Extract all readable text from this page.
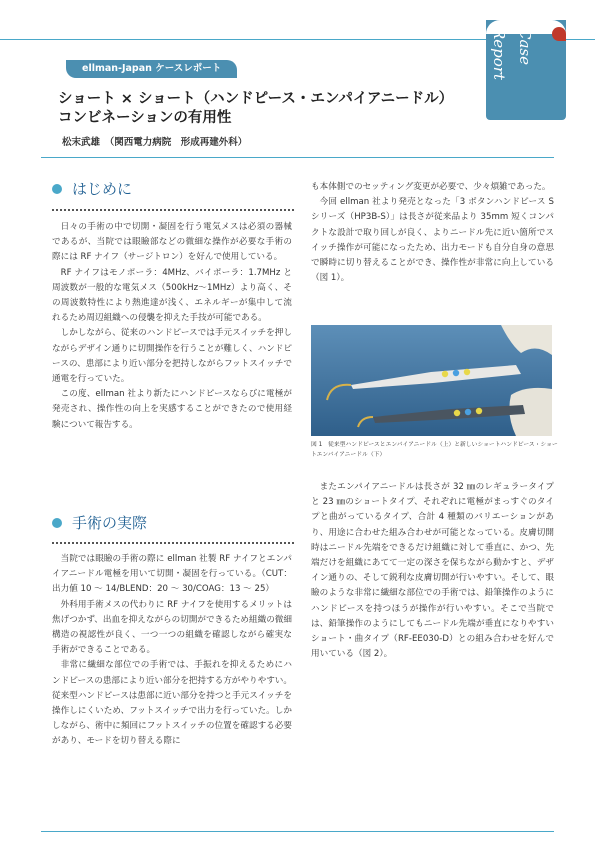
Case
Report
ellman-Japan ケースレポート
ショート × ショート（ハンドピース・エンパイアニードル）
コンビネーションの有用性
松末武雄　（関西電力病院　形成再建外科）
はじめに

日々の手術の中で切開・凝固を行う電気メスは必須の器械であるが、当院では眼瞼部などの微細な操作が必要な手術の際には RF ナイフ（サージトロン）を好んで使用している。

RF ナイフはモノポーラ：4MHz、バイポーラ：1.7MHz と周波数が一般的な電気メス（500kHz～1MHz）より高く、その周波数特性により熱進達が浅く、エネルギーが集中して流れるため周辺組織への侵襲を抑えた手技が可能である。

しかしながら、従来のハンドピースでは手元スイッチを押しながらデザイン通りに切開操作を行うことが難しく、ハンドピースの、患部により近い部分を把持しながらフットスイッチで通電を行っていた。

この度、ellman 社より新たにハンドピースならびに電極が発売され、操作性の向上を実感することができたので使用経験について報告する。

手術の実際

当院では眼瞼の手術の際に ellman 社製 RF ナイフとエンパイアニードル電極を用いて切開・凝固を行っている。（CUT：出力値 10 ～ 14/BLEND：20 ～ 30/COAG：13 ～ 25）

外科用手術メスの代わりに RF ナイフを使用するメリットは焦げつかず、出血を抑えながらの切開ができるため組織の微細構造の視認性が良く、一つ一つの組織を確認しながら確実な手術ができることである。

非常に繊細な部位での手術では、手振れを抑えるためにハンドピースの患部により近い部分を把持する方がやりやすい。従来型ハンドピースは患部に近い部分を持つと手元スイッチを操作しにくいため、フットスイッチで出力を行っていた。しかしながら、術中に頻回にフットスイッチの位置を確認する必要があり、モードを切り替える際に

も本体側でのセッティング変更が必要で、少々煩雑であった。

今回 ellman 社より発売となった「3 ボタンハンドピース S シリーズ（HP3B-S）」は長さが従来品より 35mm 短くコンパクトな設計で取り回しが良く、よりニードル先に近い箇所でスイッチ操作が可能になったため、出力モードも自分自身の意思で瞬時に切り替えることができ、操作性が非常に向上している（図 1）。

図 1　従来型ハンドピースとエンパイアニードル（上）と新しいショートハンドピース・ショートエンパイアニードル（下）

またエンパイアニードルは長さが 32 ㎜のレギュラータイプと 23 ㎜のショートタイプ、それぞれに電極がまっすぐのタイプと曲がっているタイプ、合計 4 種類のバリエーションがあり、用途に合わせた組み合わせが可能となっている。皮膚切開時はニードル先端をできるだけ組織に対して垂直に、かつ、先端だけを組織にあてて一定の深さを保ちながら動かすと、デザイン通りの、そして鋭利な皮膚切開が行いやすい。そして、眼瞼のような非常に繊細な部位での手術では、鉛筆操作のようにハンドピースを持つほうが操作が行いやすい。そこで当院では、鉛筆操作のようにしてもニードル先端が垂直になりやすいショート・曲タイプ（RF-EE030-D）との組み合わせを好んで用いている（図 2）。
